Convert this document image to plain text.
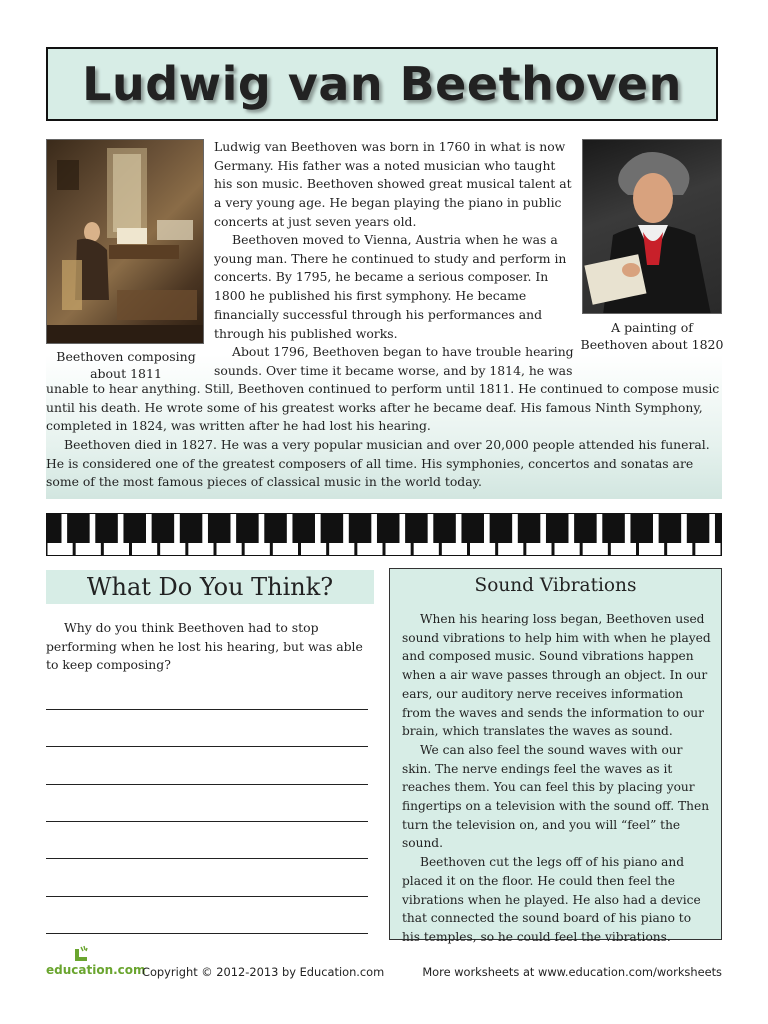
Ludwig van Beethoven
Beethoven composing
about 1811
A painting of
Beethoven about 1820

Ludwig van Beethoven was born in 1760 in what is now Germany. His father was a noted musician who taught his son music. Beethoven showed great musical talent at a very young age. He began playing the piano in public concerts at just seven years old.

Beethoven moved to Vienna, Austria when he was a young man. There he continued to study and perform in concerts. By 1795, he became a serious composer. In 1800 he published his first symphony. He became financially successful through his performances and through his published works.

About 1796, Beethoven began to have trouble hearing sounds. Over time it became worse, and by 1814, he was

unable to hear anything. Still, Beethoven continued to perform until 1811. He continued to compose music until his death. He wrote some of his greatest works after he became deaf. His famous Ninth Symphony, completed in 1824, was written after he had lost his hearing.

Beethoven died in 1827. He was a very popular musician and over 20,000 people attended his funeral. He is considered one of the greatest composers of all time. His symphonies, concertos and sonatas are some of the most famous pieces of classical music in the world today.

What Do You Think?
Why do you think Beethoven had to stop performing when he lost his hearing, but was able to keep composing?
Sound Vibrations

When his hearing loss began, Beethoven used sound vibrations to help him with when he played and composed music. Sound vibrations happen when a air wave passes through an object. In our ears, our auditory nerve receives information from the waves and sends the information to our brain, which translates the waves as sound.

We can also feel the sound waves with our skin. The nerve endings feel the waves as it reaches them. You can feel this by placing your fingertips on a television with the sound off. Then turn the television on, and you will “feel” the sound.

Beethoven cut the legs off of his piano and placed it on the floor. He could then feel the vibrations when he played. He also had a device that connected the sound board of his piano to his temples, so he could feel the vibrations.

education.com
Copyright © 2012-2013 by Education.com	More worksheets at www.education.com/worksheets
